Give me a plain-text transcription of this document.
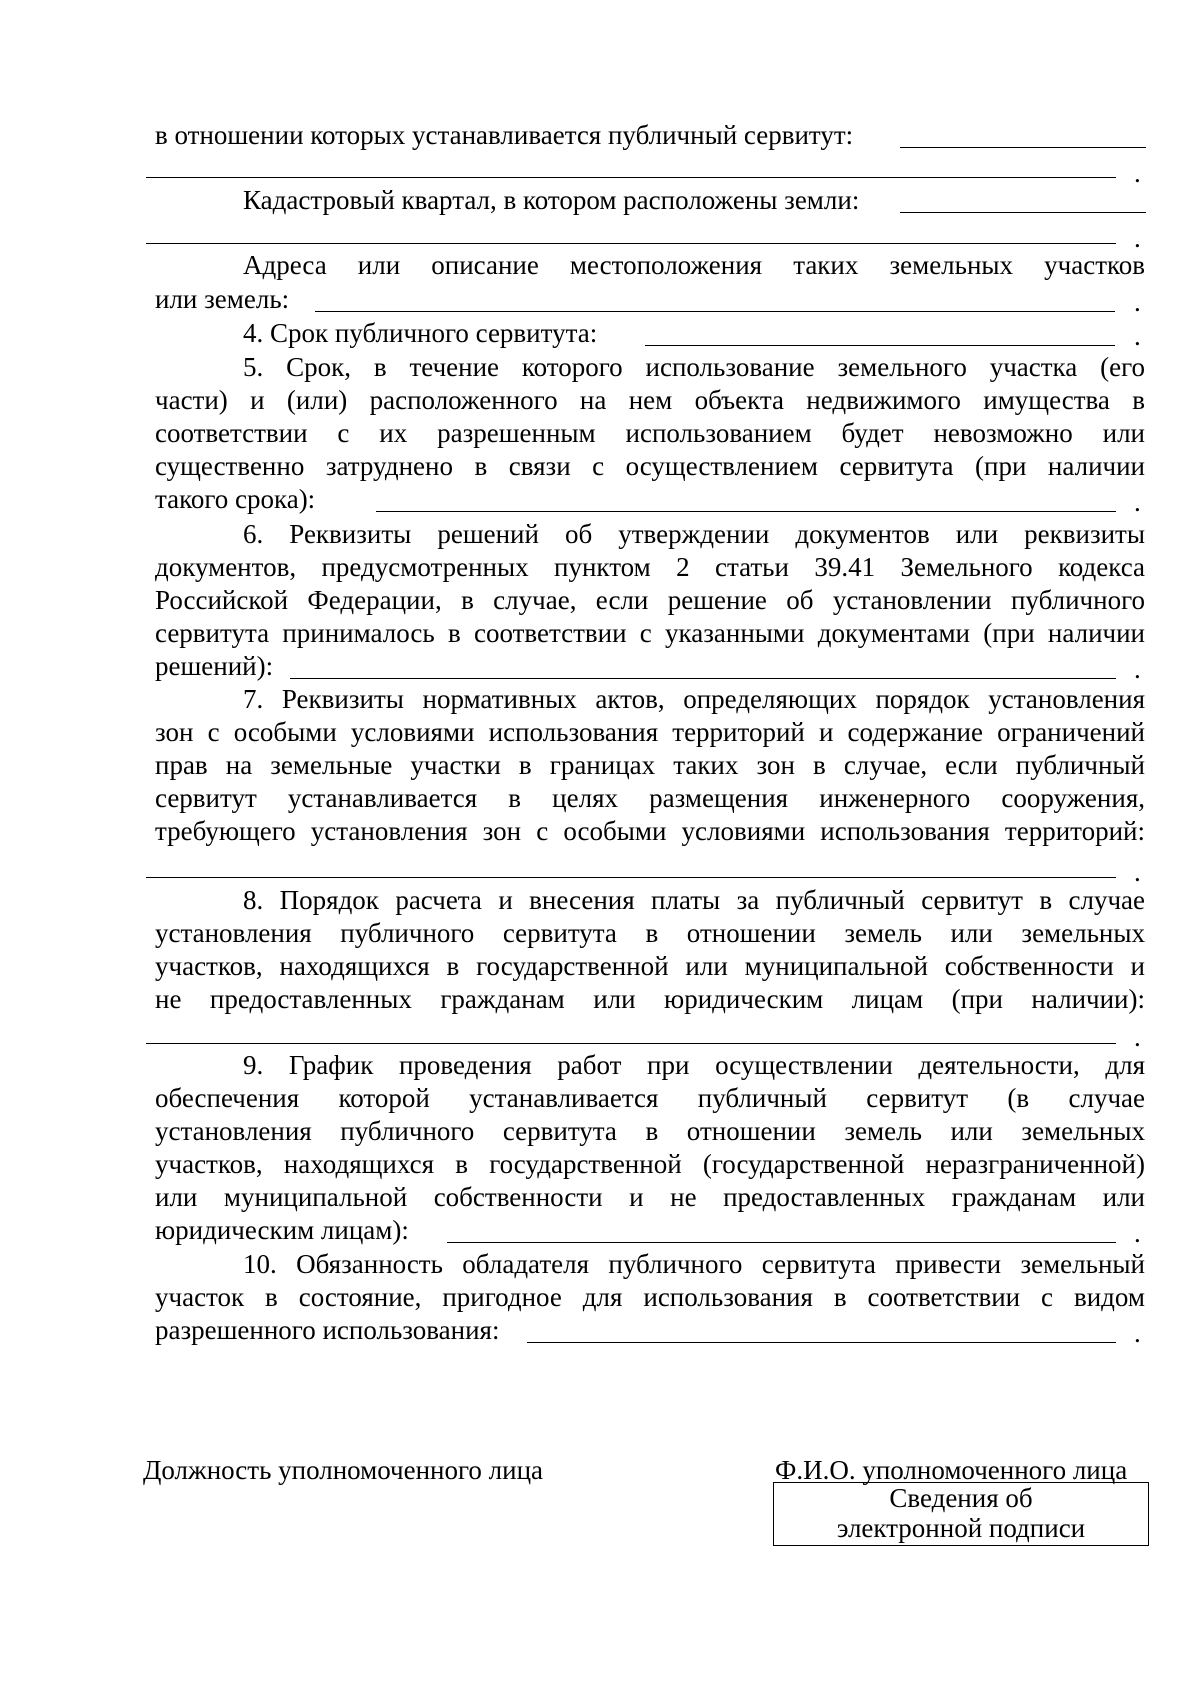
в отношении которых устанавливается публичный сервитут:
.
Кадастровый квартал, в котором расположены земли:
.
Адреса или описание местоположения таких земельных участков
или земель:	.
4. Срок публичного сервитута:	.
5. Срок, в течение которого использование земельного участка (его
части) и (или) расположенного на нем объекта недвижимого имущества в
соответствии с их разрешенным использованием будет невозможно или
существенно затруднено в связи с осуществлением сервитута (при наличии
такого срока):	.
6. Реквизиты решений об утверждении документов или реквизиты
документов, предусмотренных пунктом 2 статьи 39.41 Земельного кодекса
Российской Федерации, в случае, если решение об установлении публичного
сервитута принималось в соответствии с указанными документами (при наличии
решений):	.
7. Реквизиты нормативных актов, определяющих порядок установления
зон с особыми условиями использования территорий и содержание ограничений
прав на земельные участки в границах таких зон в случае, если публичный
сервитут устанавливается в целях размещения инженерного сооружения,
требующего установления зон с особыми условиями использования территорий:
.
8. Порядок расчета и внесения платы за публичный сервитут в случае
установления публичного сервитута в отношении земель или земельных
участков, находящихся в государственной или муниципальной собственности и
не предоставленных гражданам или юридическим лицам (при наличии):
.
9. График проведения работ при осуществлении деятельности, для
обеспечения которой устанавливается публичный сервитут (в случае
установления публичного сервитута в отношении земель или земельных
участков, находящихся в государственной (государственной неразграниченной)
или муниципальной собственности и не предоставленных гражданам или
юридическим лицам):	.
10. Обязанность обладателя публичного сервитута привести земельный
участок в состояние, пригодное для использования в соответствии с видом
разрешенного использования:	.
Должность уполномоченного лица	Ф.И.О. уполномоченного лица
Сведения об
электронной подписи
